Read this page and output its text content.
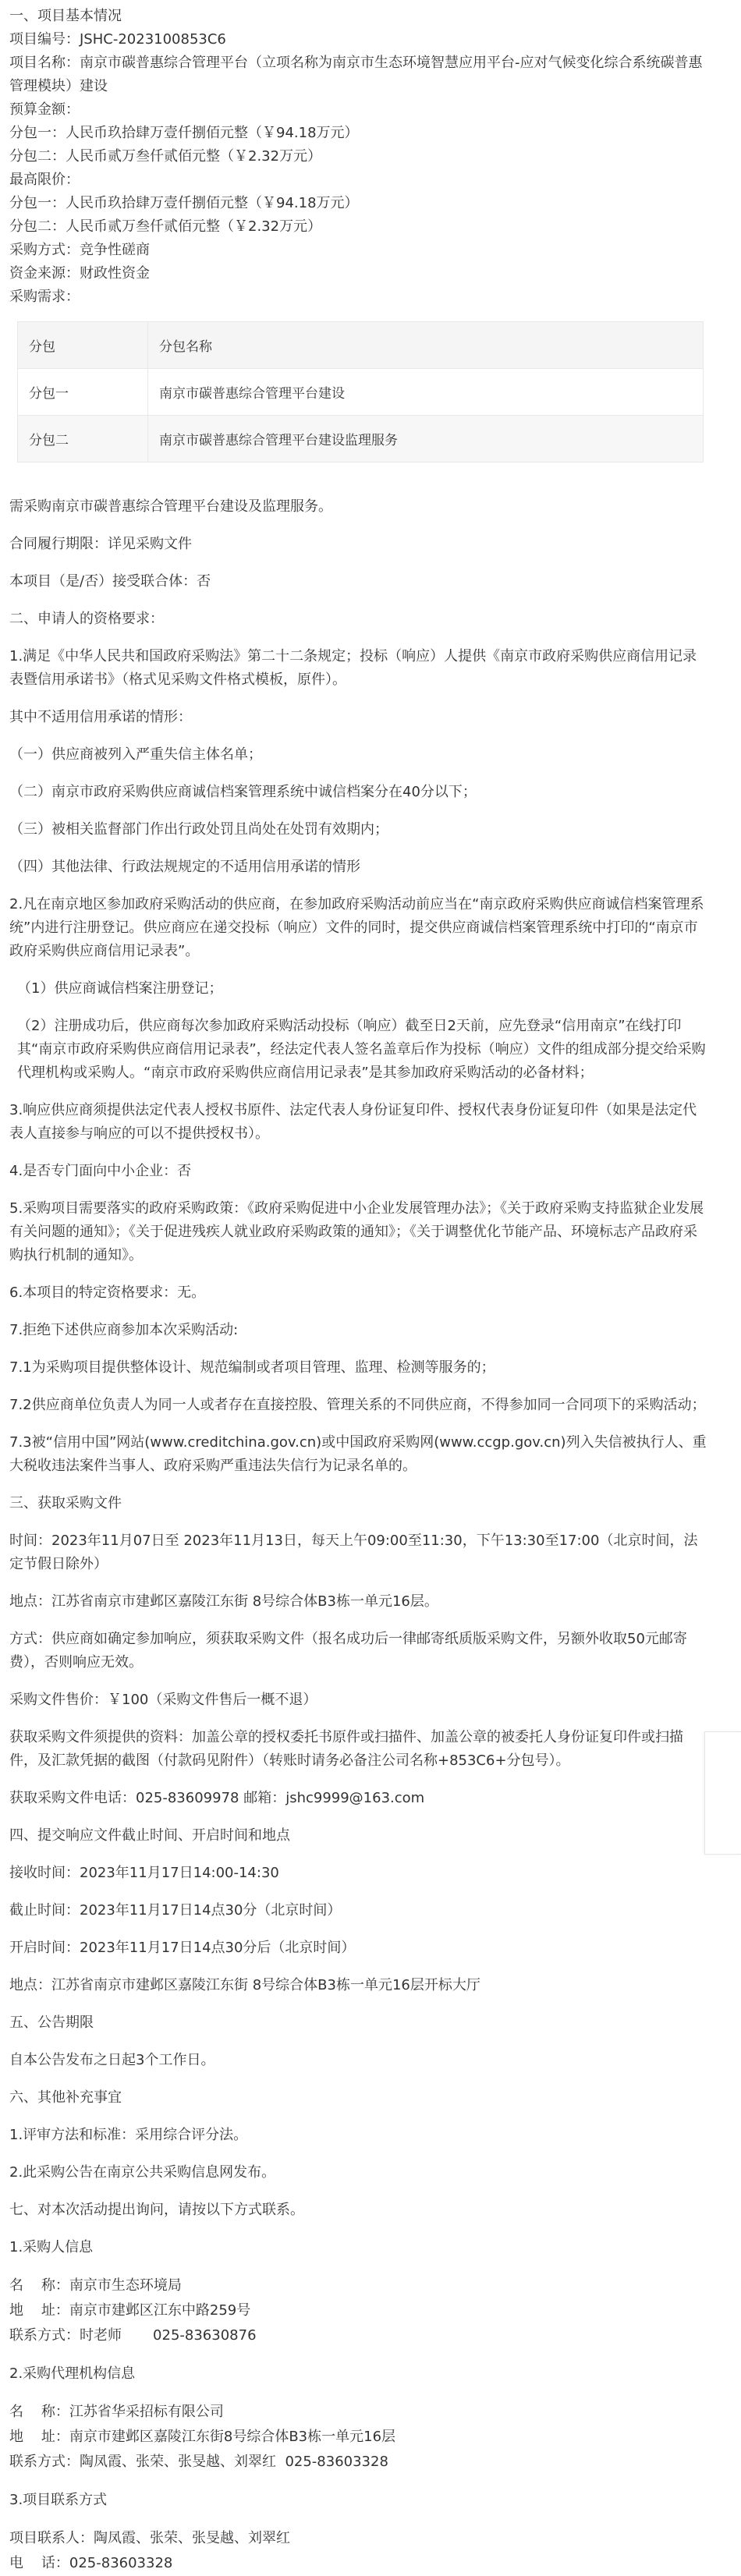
一、项目基本情况

项目编号：JSHC-2023100853C6

项目名称：南京市碳普惠综合管理平台（立项名称为南京市生态环境智慧应用平台-应对气候变化综合系统碳普惠管理模块）建设

预算金额：

分包一：人民币玖拾肆万壹仟捌佰元整（￥94.18万元）

分包二：人民币贰万叁仟贰佰元整（￥2.32万元）

最高限价：

分包一：人民币玖拾肆万壹仟捌佰元整（￥94.18万元）

分包二：人民币贰万叁仟贰佰元整（￥2.32万元）

采购方式：竞争性磋商

资金来源：财政性资金

采购需求：

分包	分包名称
分包一	南京市碳普惠综合管理平台建设
分包二	南京市碳普惠综合管理平台建设监理服务

需采购南京市碳普惠综合管理平台建设及监理服务。

合同履行期限：详见采购文件

本项目（是/否）接受联合体：否

二、申请人的资格要求：

1.满足《中华人民共和国政府采购法》第二十二条规定；投标（响应）人提供《南京市政府采购供应商信用记录表暨信用承诺书》（格式见采购文件格式模板，原件）。

其中不适用信用承诺的情形：

（一）供应商被列入严重失信主体名单；

（二）南京市政府采购供应商诚信档案管理系统中诚信档案分在40分以下；

（三）被相关监督部门作出行政处罚且尚处在处罚有效期内；

（四）其他法律、行政法规规定的不适用信用承诺的情形

2.凡在南京地区参加政府采购活动的供应商，在参加政府采购活动前应当在“南京政府采购供应商诚信档案管理系统”内进行注册登记。供应商应在递交投标（响应）文件的同时，提交供应商诚信档案管理系统中打印的“南京市政府采购供应商信用记录表”。

（1）供应商诚信档案注册登记；

（2）注册成功后，供应商每次参加政府采购活动投标（响应）截至日2天前，应先登录“信用南京”在线打印其“南京市政府采购供应商信用记录表”，经法定代表人签名盖章后作为投标（响应）文件的组成部分提交给采购代理机构或采购人。“南京市政府采购供应商信用记录表”是其参加政府采购活动的必备材料；

3.响应供应商须提供法定代表人授权书原件、法定代表人身份证复印件、授权代表身份证复印件（如果是法定代表人直接参与响应的可以不提供授权书）。

4.是否专门面向中小企业：否

5.采购项目需要落实的政府采购政策：《政府采购促进中小企业发展管理办法》；《关于政府采购支持监狱企业发展有关问题的通知》；《关于促进残疾人就业政府采购政策的通知》；《关于调整优化节能产品、环境标志产品政府采购执行机制的通知》。

6.本项目的特定资格要求：无。

7.拒绝下述供应商参加本次采购活动:

7.1为采购项目提供整体设计、规范编制或者项目管理、监理、检测等服务的；

7.2供应商单位负责人为同一人或者存在直接控股、管理关系的不同供应商，不得参加同一合同项下的采购活动；

7.3被“信用中国”网站(www.creditchina.gov.cn)或中国政府采购网(www.ccgp.gov.cn)列入失信被执行人、重大税收违法案件当事人、政府采购严重违法失信行为记录名单的。

三、获取采购文件

时间：2023年11月07日至 2023年11月13日，每天上午09:00至11:30，下午13:30至17:00（北京时间，法定节假日除外）

地点：江苏省南京市建邺区嘉陵江东街 8号综合体B3栋一单元16层。

方式：供应商如确定参加响应，须获取采购文件（报名成功后一律邮寄纸质版采购文件，另额外收取50元邮寄费），否则响应无效。

采购文件售价：￥100（采购文件售后一概不退）

获取采购文件须提供的资料：加盖公章的授权委托书原件或扫描件、加盖公章的被委托人身份证复印件或扫描件，及汇款凭据的截图（付款码见附件）（转账时请务必备注公司名称+853C6+分包号）。

获取采购文件电话：025-83609978 邮箱：jshc9999@163.com

四、提交响应文件截止时间、开启时间和地点

接收时间：2023年11月17日14:00-14:30

截止时间：2023年11月17日14点30分（北京时间）

开启时间：2023年11月17日14点30分后（北京时间）

地点：江苏省南京市建邺区嘉陵江东街 8号综合体B3栋一单元16层开标大厅

五、公告期限

自本公告发布之日起3个工作日。

六、其他补充事宜

1.评审方法和标准：采用综合评分法。

2.此采购公告在南京公共采购信息网发布。

七、对本次活动提出询问，请按以下方式联系。

1.采购人信息

名    称：南京市生态环境局

地    址：南京市建邺区江东中路259号

联系方式：时老师       025-83630876

2.采购代理机构信息

名    称：江苏省华采招标有限公司

地    址：南京市建邺区嘉陵江东街8号综合体B3栋一单元16层

联系方式：陶凤霞、张荣、张旻越、刘翠红  025-83603328

3.项目联系方式

项目联系人：陶凤霞、张荣、张旻越、刘翠红

电    话：025-83603328
